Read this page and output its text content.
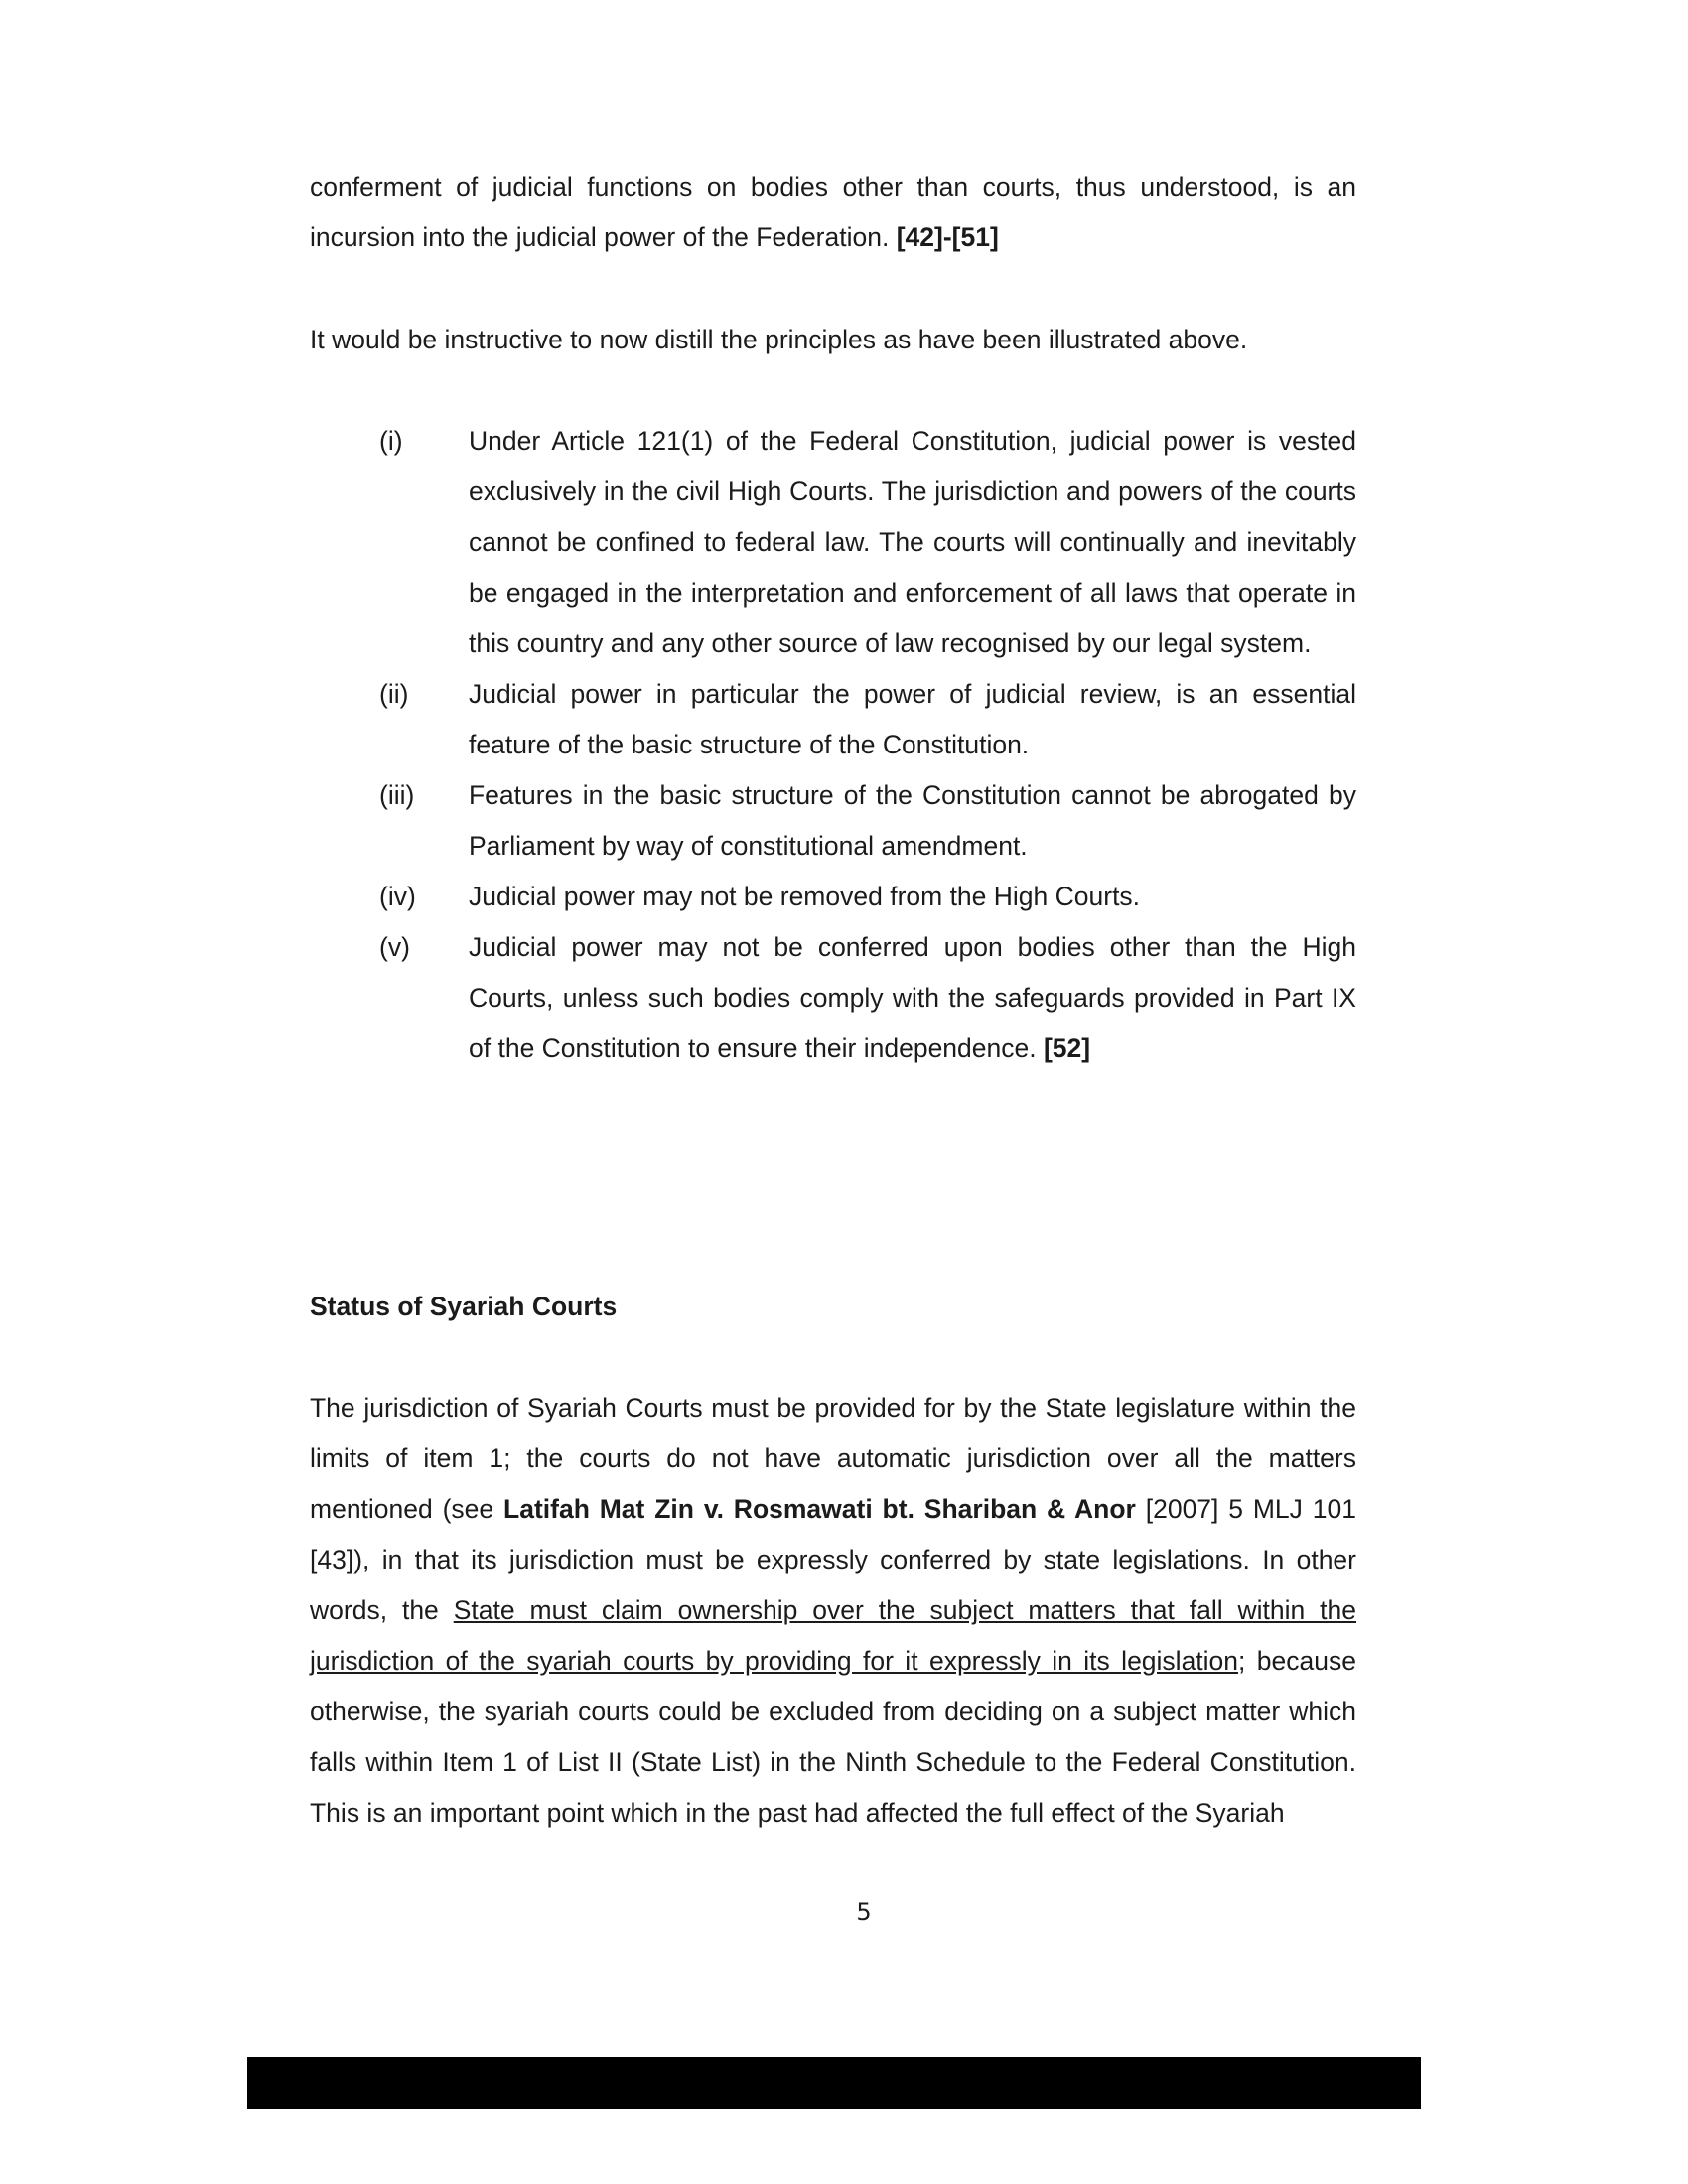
conferment of judicial functions on bodies other than courts, thus understood, is an incursion into the judicial power of the Federation. [42]-[51]

It would be instructive to now distill the principles as have been illustrated above.

(i)	Under Article 121(1) of the Federal Constitution, judicial power is vested exclusively in the civil High Courts. The jurisdiction and powers of the courts cannot be confined to federal law. The courts will continually and inevitably be engaged in the interpretation and enforcement of all laws that operate in this country and any other source of law recognised by our legal system.
(ii) Judicial power in particular the power of judicial review, is an essential feature of the basic structure of the Constitution.
(iii) Features in the basic structure of the Constitution cannot be abrogated by Parliament by way of constitutional amendment.
(iv) Judicial power may not be removed from the High Courts.
(v) Judicial power may not be conferred upon bodies other than the High Courts, unless such bodies comply with the safeguards provided in Part IX of the Constitution to ensure their independence. [52]
Status of Syariah Courts

The jurisdiction of Syariah Courts must be provided for by the State legislature within the limits of item 1; the courts do not have automatic jurisdiction over all the matters mentioned (see Latifah Mat Zin v. Rosmawati bt. Shariban & Anor [2007] 5 MLJ 101 [43]), in that its jurisdiction must be expressly conferred by state legislations. In other words, the State must claim ownership over the subject matters that fall within the jurisdiction of the syariah courts by providing for it expressly in its legislation; because otherwise, the syariah courts could be excluded from deciding on a subject matter which falls within Item 1 of List II (State List) in the Ninth Schedule to the Federal Constitution. This is an important point which in the past had affected the full effect of the Syariah

5
